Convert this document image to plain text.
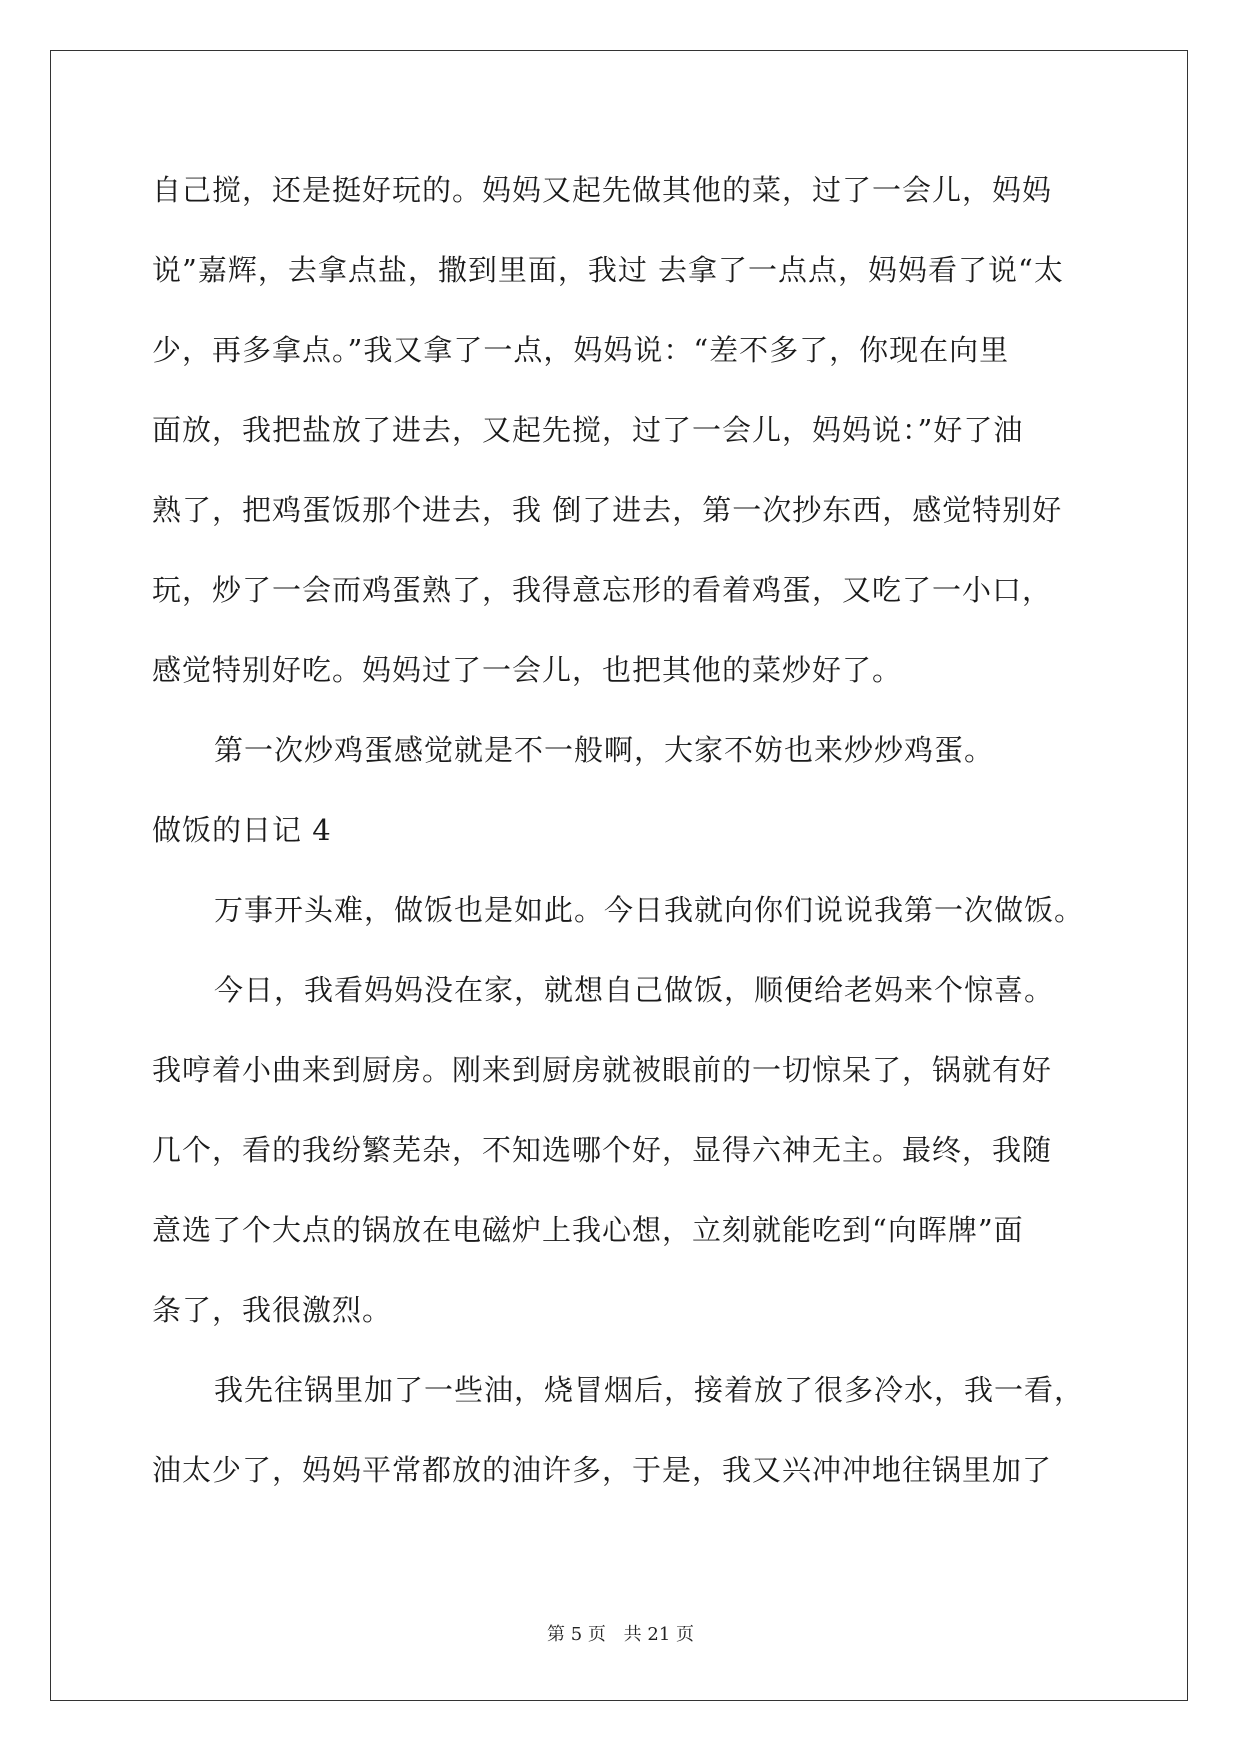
自己搅，还是挺好玩的。妈妈又起先做其他的菜，过了一会儿，妈妈
说”嘉辉，去拿点盐，撒到里面，我过 去拿了一点点，妈妈看了说“太
少，再多拿点。”我又拿了一点，妈妈说：“差不多了，你现在向里
面放，我把盐放了进去，又起先搅，过了一会儿，妈妈说：”好了油
熟了，把鸡蛋饭那个进去，我 倒了进去，第一次抄东西，感觉特别好
玩，炒了一会而鸡蛋熟了，我得意忘形的看着鸡蛋，又吃了一小口，
感觉特别好吃。妈妈过了一会儿，也把其他的菜炒好了。
第一次炒鸡蛋感觉就是不一般啊，大家不妨也来炒炒鸡蛋。
做饭的日记 4
万事开头难，做饭也是如此。今日我就向你们说说我第一次做饭。
今日，我看妈妈没在家，就想自己做饭，顺便给老妈来个惊喜。
我哼着小曲来到厨房。刚来到厨房就被眼前的一切惊呆了，锅就有好
几个，看的我纷繁芜杂，不知选哪个好，显得六神无主。最终，我随
意选了个大点的锅放在电磁炉上我心想，立刻就能吃到“向晖牌”面
条了，我很激烈。
我先往锅里加了一些油，烧冒烟后，接着放了很多冷水，我一看，
油太少了，妈妈平常都放的油许多，于是，我又兴冲冲地往锅里加了
第 5 页 共 21 页
